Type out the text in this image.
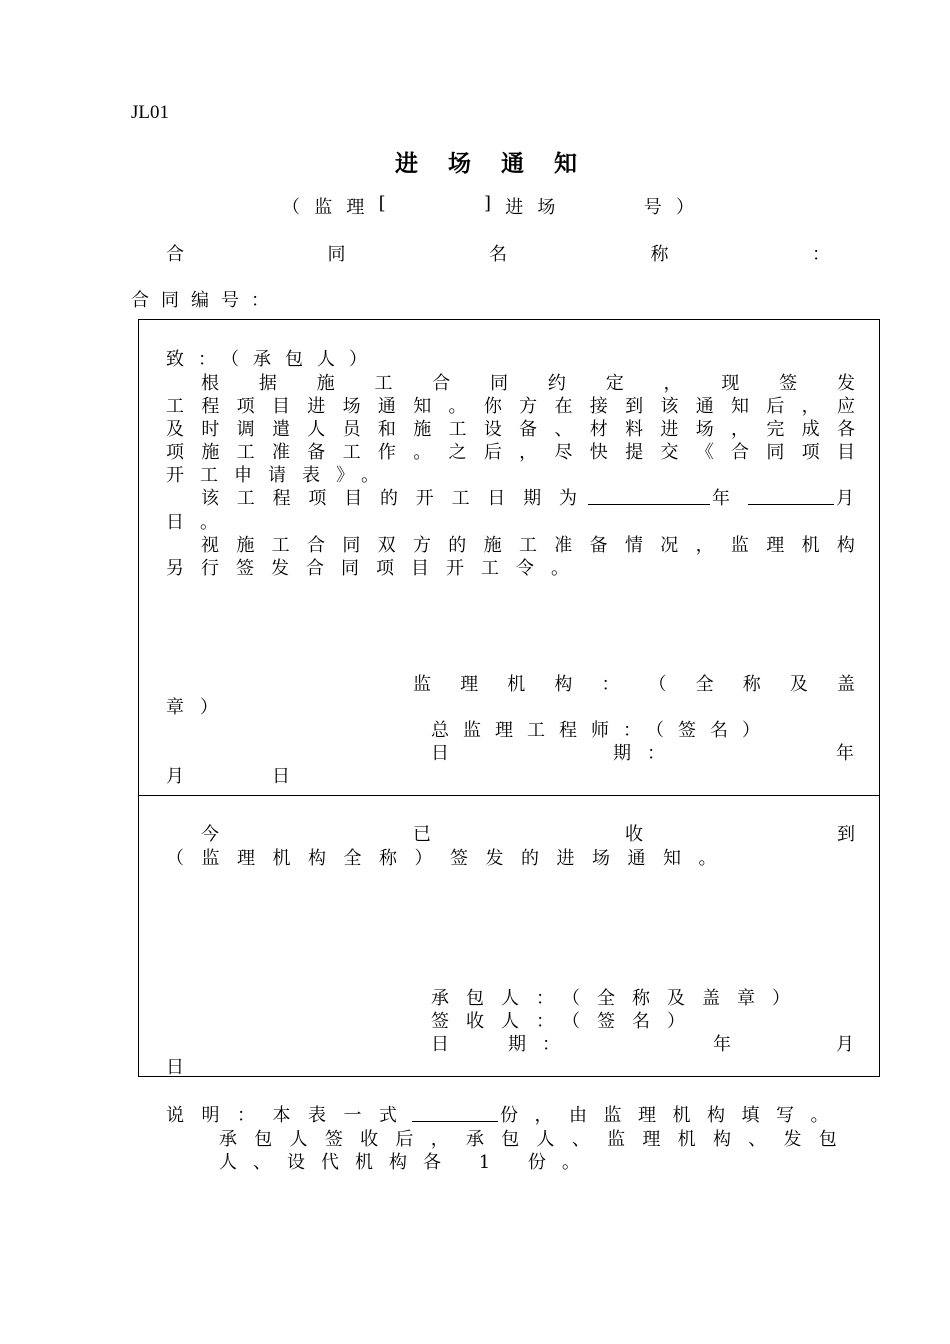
JL01
进场通知
（ 监 理 [	] 进 场	号 ）
合	同	名	称	：
合同编号：
致：（承包人）
根 据 施 工 合 同 约 定 ， 现 签 发
工 程 项 目 进 场 通 知 。 你 方 在 接 到 该 通 知 后 ， 应
及 时 调 遣 人 员 和 施 工 设 备 、 材 料 进 场 ， 完 成 各
项 施 工 准 备 工 作 。 之 后 ， 尽 快 提 交 《 合 同 项 目
开工申请表》。
该 工 程 项 目 的 开 工 日 期 为	年	月
日。
视 施 工 合 同 双 方 的 施 工 准 备 情 况 ， 监 理 机 构
另行签发合同项目开工令。
监 理 机 构 ： （ 全 称 及 盖
章）
总监理工程师：（签名）
日	期：	年
月	日
今	已	收	到
（监理机构全称）签发的进场通知。
承包人：（全称及盖章）
签收人：（签名）
日	期：	年	月
日
说明：本表一式	份，由监理机构填写。
承 包 人 签 收 后 ， 承 包 人 、 监 理 机 构 、 发 包
人、设代机构各 1 份。
